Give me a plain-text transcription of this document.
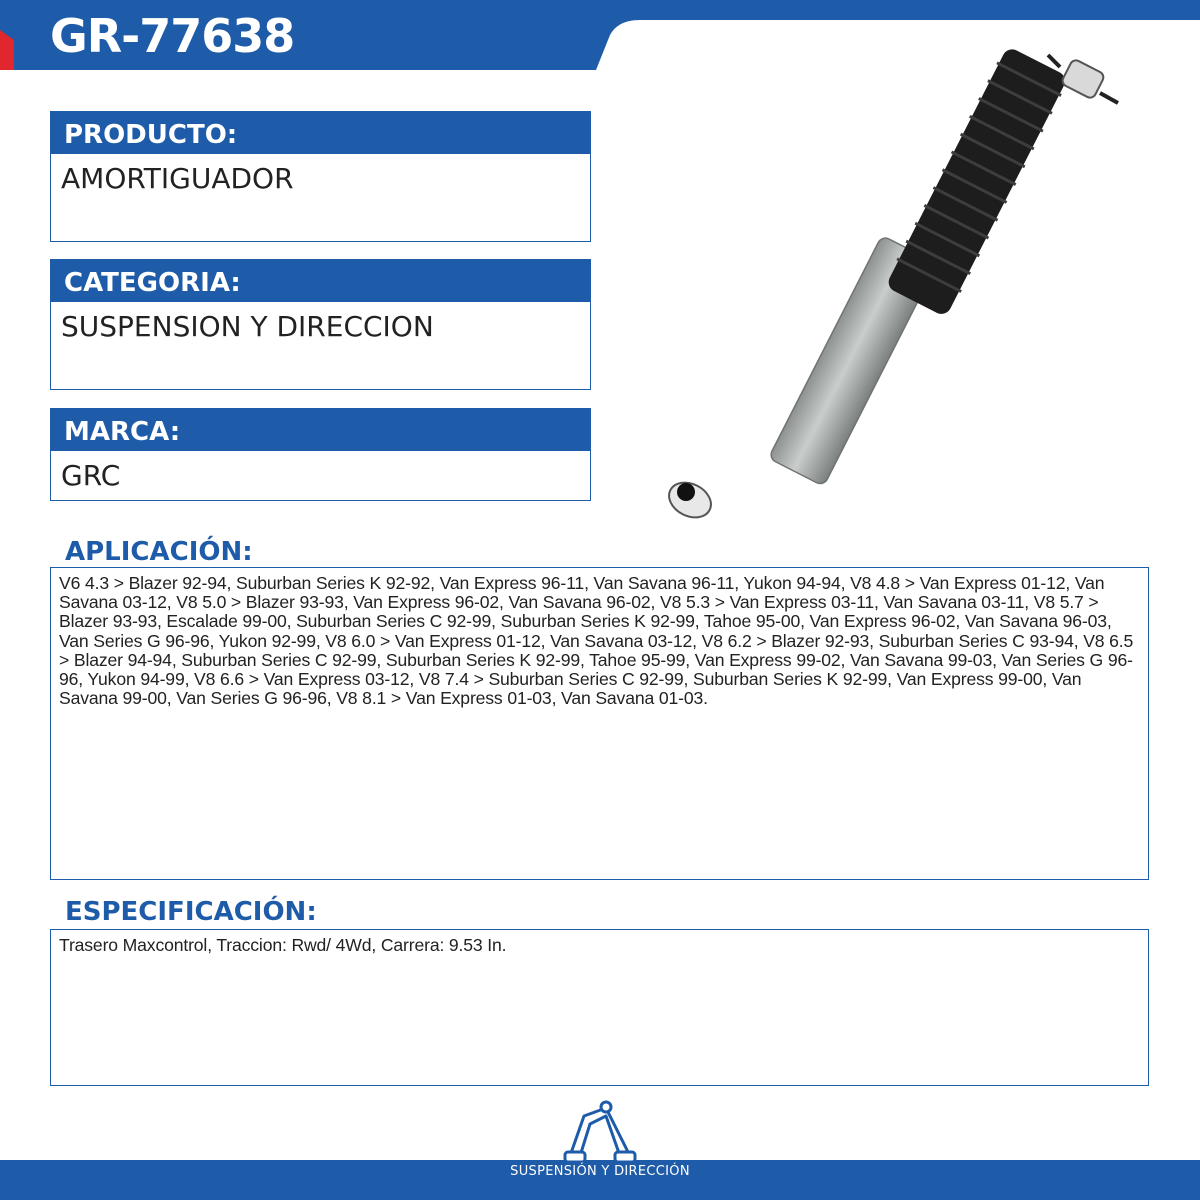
GR-77638
PRODUCTO:
AMORTIGUADOR
CATEGORIA:
SUSPENSION Y DIRECCION
MARCA:
GRC
APLICACIÓN:
V6 4.3 > Blazer 92-94, Suburban Series K 92-92, Van Express 96-11, Van Savana 96-11, Yukon 94-94, V8 4.8 > Van Express 01-12, Van Savana 03-12, V8 5.0 > Blazer 93-93, Van Express 96-02, Van Savana 96-02, V8 5.3 > Van Express 03-11, Van Savana 03-11, V8 5.7 > Blazer 93-93, Escalade 99-00, Suburban Series C 92-99, Suburban Series K 92-99, Tahoe 95-00, Van Express 96-02, Van Savana 96-03, Van Series G 96-96, Yukon 92-99, V8 6.0 > Van Express 01-12, Van Savana 03-12, V8 6.2 > Blazer 92-93, Suburban Series C 93-94, V8 6.5 > Blazer 94-94, Suburban Series C 92-99, Suburban Series K 92-99, Tahoe 95-99, Van Express 99-02, Van Savana 99-03, Van Series G 96-96, Yukon 94-99, V8 6.6 > Van Express 03-12, V8 7.4 > Suburban Series C 92-99, Suburban Series K 92-99, Van Express 99-00, Van Savana 99-00, Van Series G 96-96, V8 8.1 > Van Express 01-03, Van Savana 01-03.
ESPECIFICACIÓN:
Trasero Maxcontrol, Traccion: Rwd/ 4Wd, Carrera: 9.53 In.
SUSPENSIÓN Y DIRECCIÓN
